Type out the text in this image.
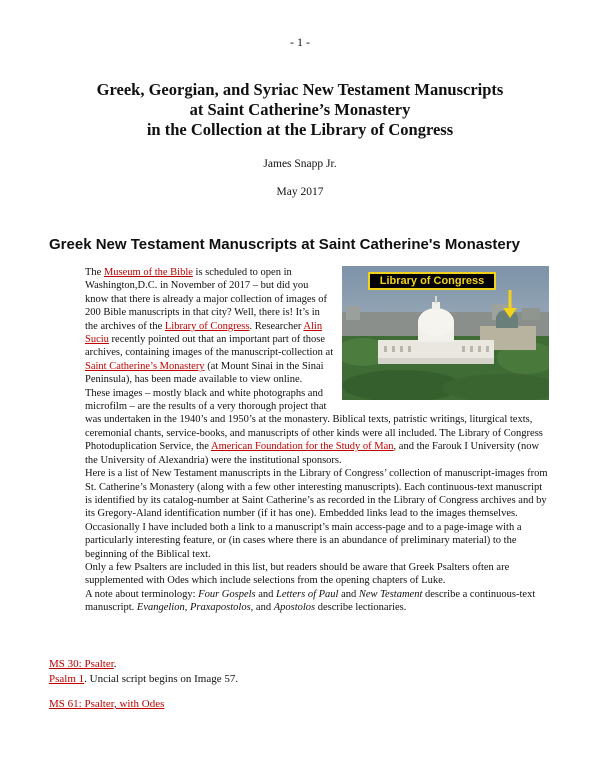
- 1 -
Greek, Georgian, and Syriac New Testament Manuscripts
at Saint Catherine’s Monastery
in the Collection at the Library of Congress
James Snapp Jr.
May 2017
Greek New Testament Manuscripts at Saint Catherine's Monastery
Library of Congress

The Museum of the Bible is scheduled to open in Washington,D.C. in November of 2017 – but did you know that there is already a major collection of images of 200 Bible manuscripts in that city? Well, there is! It’s in the archives of the Library of Congress. Researcher Alin Suciu recently pointed out that an important part of those archives, containing images of the manuscript-collection at Saint Catherine’s Monastery (at Mount Sinai in the Sinai Peninsula), has been made available to view online.

These images – mostly black and white photographs and microfilm – are the results of a very thorough project that was undertaken in the 1940’s and 1950’s at the monastery. Biblical texts, patristic writings, liturgical texts, ceremonial chants, service-books, and manuscripts of other kinds were all included. The Library of Congress Photoduplication Service, the American Foundation for the Study of Man, and the Farouk I University (now the University of Alexandria) were the institutional sponsors.

Here is a list of New Testament manuscripts in the Library of Congress’ collection of manuscript-images from St. Catherine’s Monastery (along with a few other interesting manuscripts). Each continuous-text manuscript is identified by its catalog-number at Saint Catherine’s as recorded in the Library of Congress archives and by its Gregory-Aland identification number (if it has one). Embedded links lead to the images themselves. Occasionally I have included both a link to a manuscript’s main access-page and to a page-image with a particularly interesting feature, or (in cases where there is an abundance of preliminary material) to the beginning of the Biblical text.

Only a few Psalters are included in this list, but readers should be aware that Greek Psalters often are supplemented with Odes which include selections from the opening chapters of Luke.

A note about terminology: Four Gospels and Letters of Paul and New Testament describe a continuous-text manuscript. Evangelion, Praxapostolos, and Apostolos describe lectionaries.

MS 30: Psalter.
Psalm 1. Uncial script begins on Image 57.
MS 61: Psalter, with Odes
